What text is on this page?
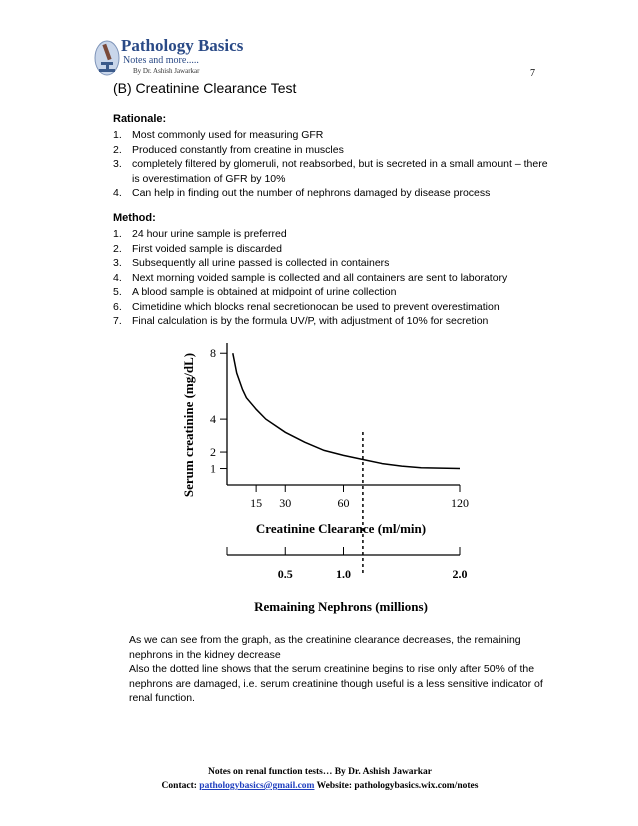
Pathology Basics
Notes and more.....
By Dr. Ashish Jawarkar	7
(B) Creatinine Clearance Test
Rationale:
1. Most commonly used for measuring GFR
2. Produced constantly from creatine in muscles
3. completely filtered by glomeruli, not reabsorbed, but is secreted in a small amount – there is overestimation of GFR by 10%
4. Can help in finding out the number of nephrons damaged by disease process
Method:
1. 24 hour urine sample is preferred
2. First voided sample is discarded
3. Subsequently all urine passed is collected in containers
4. Next morning voided sample is collected and all containers are sent to laboratory
5. A blood sample is obtained at midpoint of urine collection
6. Cimetidine which blocks renal secretionocan be used to prevent overestimation
7. Final calculation is by the formula UV/P, with adjustment of 10% for secretion
1
2
4
8
15 30	60	120
0.5	1.0	2.0
Serum creatinine (mg/dL)
Creatinine Clearance (ml/min)
Remaining Nephrons (millions)
As we can see from the graph, as the creatinine clearance decreases, the remaining nephrons in the kidney decrease
Also the dotted line shows that the serum creatinine begins to rise only after 50% of the nephrons are damaged, i.e. serum creatinine though useful is a less sensitive indicator of renal function.
Notes on renal function tests… By Dr. Ashish Jawarkar
Contact: pathologybasics@gmail.com Website: pathologybasics.wix.com/notes
